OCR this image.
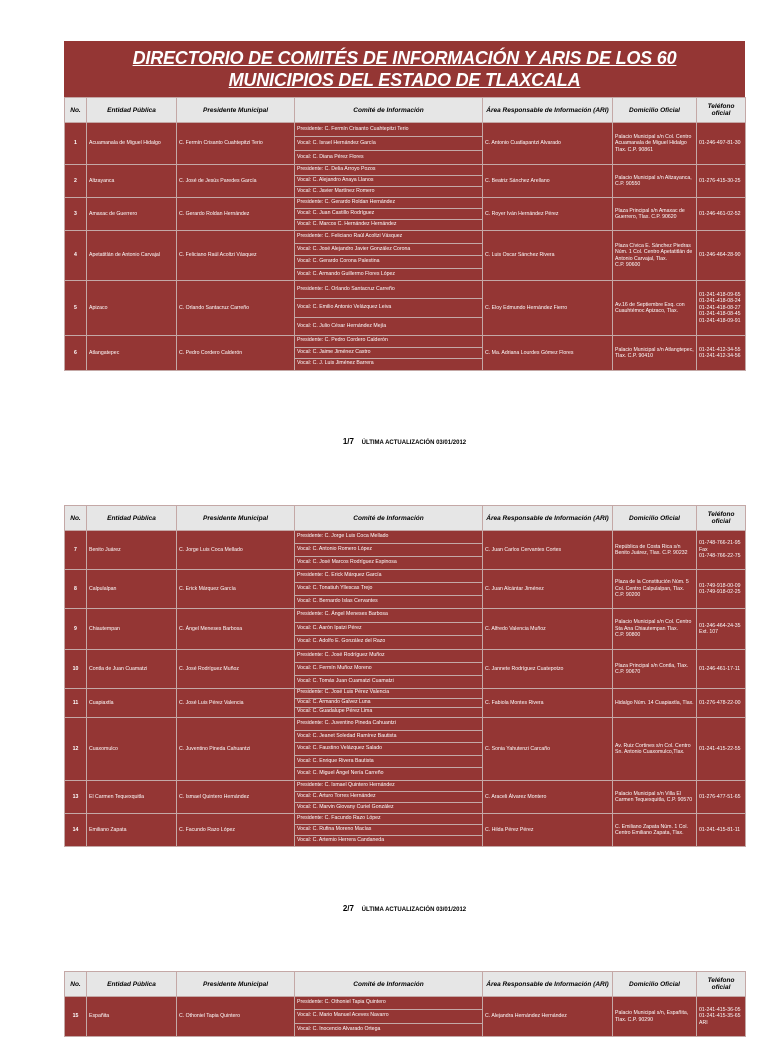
DIRECTORIO DE COMITÉS DE INFORMACIÓN Y ARIS DE LOS 60
MUNICIPIOS DEL ESTADO DE TLAXCALA
No.	Entidad Pública	Presidente Municipal	Comité de Información	Área Responsable de Información (ARI)	Domicilio Oficial	Teléfono oficial
1	Acuamanala de Miguel Hidalgo	C. Fermín Crisanto Cuahtepitzi Terio	Presidente: C. Fermín Crisanto Cuahtepitzi Terio
Vocal: C. Israel Hernández García
Vocal: C. Diana Pérez Flores	C. Antonio Cuatlapantzi Alvarado	Palacio Municipal s/n Col. Centro
Acuamanala de Miguel Hidalgo
Tlax. C.P. 90861	01-246-497-81-30

2	Altzayanca	C. José de Jesús Paredes García	Presidente: C. Delia Arroyo Pozos
Vocal: C. Alejandro Anaya Llanos
Vocal: C. Javier Martínez Romero	C. Beatriz Sánchez Arellano	Palacio Municipal s/n Altzayanca,
C.P. 90550	01-276-415-30-25

3	Amaxac de Guerrero	C. Gerardo Roldan Hernández	Presidente: C. Gerardo Roldan Hernández
Vocal: C. Juan Castillo Rodríguez
Vocal: C. Marcos C. Hernández Hernández	C. Royer Iván Hernández Pérez	Plaza Principal s/n Amaxac de
Guerrero, Tlax. C.P. 90620	01-246-461-02-52

4	Apetatitlán de Antonio Carvajal	C. Feliciano Raúl Acoltzi Vásquez	Presidente: C. Feliciano Raúl Acoltzi Vásquez
Vocal: C. José Alejandro Javier González Corona
Vocal: C. Gerardo Corona Palestina
Vocal: C. Armando Guillermo Flores López	C. Luis Oscar Sánchez Rivera	Plaza Cívica E. Sánchez Piedras
Núm. 1 Col. Centro Apetatitlán de
Antonio Carvajal, Tlax.
C.P. 90600	01-246-464-28-90

5	Apizaco	C. Orlando Santacruz Carreño	Presidente: C. Orlando Santacruz Carreño
Vocal: C. Emilio Antonio Velázquez Leiva
Vocal: C. Julio César Hernández Mejía	C. Eloy Edmundo Hernández Fierro	Av.16 de Septiembre Esq. con
Cuauhtémoc Apizaco, Tlax.	01-241-418-09-65
01-241-418-08-24
01-241-418-08-27
01-241-418-08-45
01-241-418-09-91

6	Atlangatepec	C. Pedro Cordero Calderón	Presidente: C. Pedro Cordero Calderón
Vocal: C. Jaime Jiménez Castro
Vocal: C. J. Luis Jiménez Barrera	C. Ma. Adriana Lourdes Gómez Flores	Palacio Municipal s/n Atlangtepec,
Tlax. C.P. 90410	01-241-412-34-55
01-241-412-34-56
1/7 ÚLTIMA ACTUALIZACIÓN 03/01/2012
No.	Entidad Pública	Presidente Municipal	Comité de Información	Área Responsable de Información (ARI)	Domicilio Oficial	Teléfono oficial
7	Benito Juárez	C. Jorge Luis Coca Mellado	Presidente: C. Jorge Luis Coca Mellado
Vocal: C. Antonio Romero López
Vocal: C. José Marcos Rodríguez Espinosa	C. Juan Carlos Cervantes Cortes	República de Costa Rica s/n
Benito Juárez, Tlax. C.P. 90232	01-748-766-21-95
Fax
01-748-766-22-75

8	Calpulalpan	C. Erick Márquez García	Presidente: C. Erick Márquez García
Vocal: C. Tonatiuh Yllescas Trejo
Vocal: C. Bernardo Islas Cervantes	C. Juan Alcántar Jiménez	Plaza de la Constitución Núm. 5
Col. Centro Calpulalpan, Tlax.
C.P. 90200	01-749-918-00-09
01-749-918-02-25

9	Chiautempan	C. Ángel Meneses Barbosa	Presidente: C. Ángel Meneses Barbosa
Vocal: C. Aarón Ipatzi Pérez
Vocal: C. Adolfo E. González del Razo	C. Alfredo Valencia Muñoz	Palacio Municipal s/n Col. Centro
Sta Ana Chiautempan Tlax.
C.P. 90800	01-246-464-24-35
Ext. 107

10	Contla de Juan Cuamatzi	C. José Rodríguez Muñoz	Presidente: C. José Rodríguez Muñoz
Vocal: C. Fermín Muñoz Moreno
Vocal: C. Tomás Juan Cuamatzi Cuamatzi	C. Jannete Rodríguez Cuatepotzo	Plaza Principal s/n Contla, Tlax.
C.P. 90670	01-246-461-17-11

11	Cuapiaxtla	C. José Luis Pérez Valencia	Presidente: C. José Luis Pérez Valencia
Vocal: C. Armando Galvez Luna
Vocal: C. Guadalupe Pérez Lima	C. Fabiola Montes Rivera	Hidalgo Núm. 14 Cuapiaxtla, Tlax.	01-276-478-22-00

12	Cuaxomulco	C. Juventino Pineda Cahuantzi	Presidente: C. Juventino Pineda Cahuantzi
Vocal: C. Jeanet Soledad Ramírez Bautista
Vocal: C. Faustino Velázquez Salado
Vocal: C. Enrique Rivera Bautista
Vocal: C. Miguel Ángel Nería Carreño	C. Sonia Yahutenzi Carcaño	Av. Ruiz Cortines s/n Col. Centro
Sn. Antonio Cuaxomulco,Tlax.	01-241-415-22-55

13	El Carmen Tequexquitla	C. Ismael Quintero Hernández	Presidente: C. Ismael Quintero Hernández
Vocal: C. Arturo Torres Hernández
Vocal: C. Marvin Giovany Curiel González	C. Araceli Álvarez Montero	Palacio Municipal s/n Villa El
Carmen Tequexquitla, C.P. 90570	01-276-477-51-65

14	Emiliano Zapata	C. Facundo Razo López	Presidente: C. Facundo Razo López
Vocal: C. Rufina Moreno Macías
Vocal: C. Artemio Herrera Candaneda	C. Hilda Pérez Pérez	C. Emiliano Zapata Núm. 1 Col.
Centro Emiliano Zapata, Tlax.	01-241-415-81-11
2/7 ÚLTIMA ACTUALIZACIÓN 03/01/2012
No.	Entidad Pública	Presidente Municipal	Comité de Información	Área Responsable de Información (ARI)	Domicilio Oficial	Teléfono oficial
15	Españita	C. Othoniel Tapia Quintero	Presidente: C. Othoniel Tapia Quintero
Vocal: C. Mario Manuel Aceves Navarro
Vocal: C. Inocencio Alvarado Ortega	C. Alejandra Hernández Hernández	Palacio Municipal s/n, Españita,
Tlax. C.P. 90290	01-241-415-36-05
01-241-415-35-65
ARI
